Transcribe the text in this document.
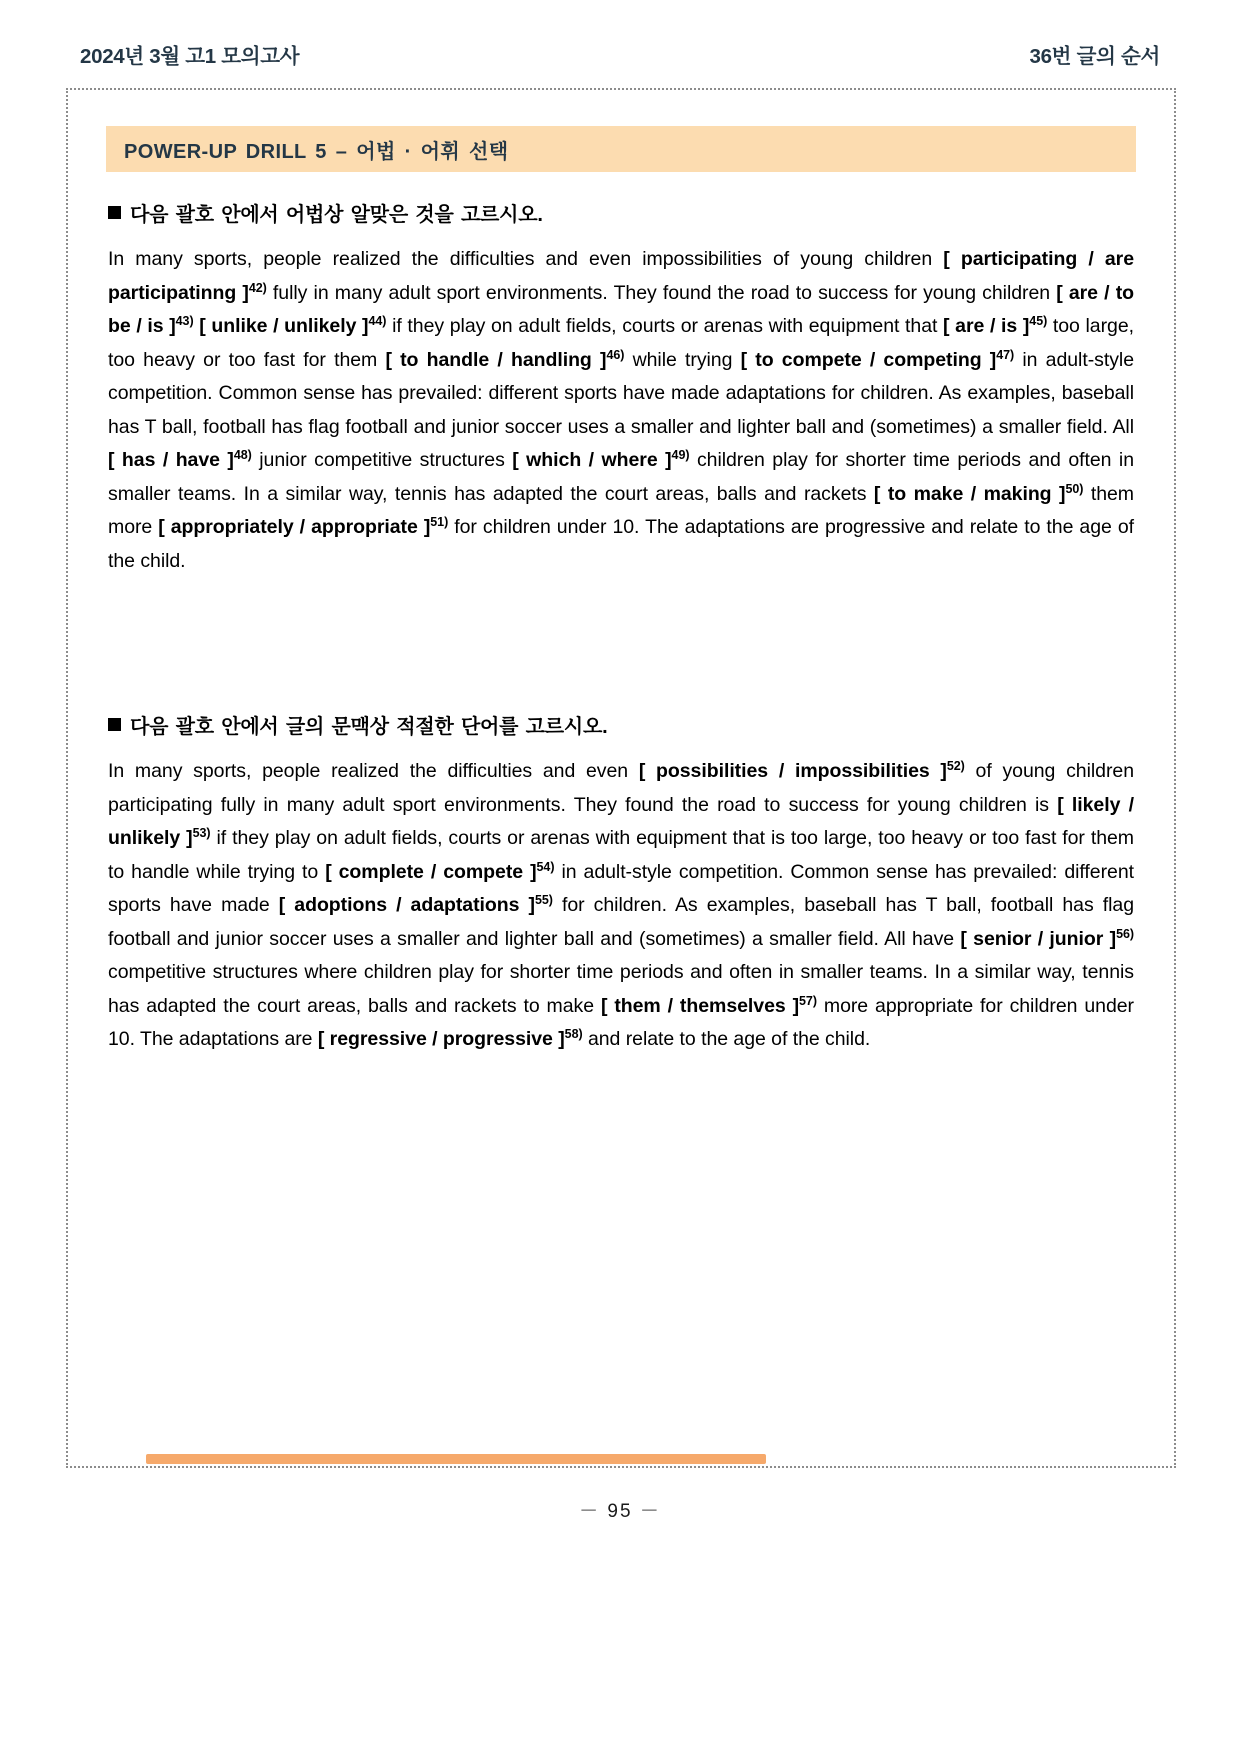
2024년 3월 고1 모의고사	36번 글의 순서
POWER-UP DRILL 5 – 어법 · 어휘 선택

다음 괄호 안에서 어법상 알맞은 것을 고르시오.

In many sports, people realized the difficulties and even impossibilities of young children [ participating / are participatinng ]$^{42)}$ fully in many adult sport environments. They found the road to success for young children [ are / to be / is ]$^{43)}$ [ unlike / unlikely ]$^{44)}$ if they play on adult fields, courts or arenas with equipment that [ are / is ]$^{45)}$ too large, too heavy or too fast for them [ to handle / handling ]$^{46)}$ while trying [ to compete / competing ]$^{47)}$ in adult-style competition. Common sense has prevailed: different sports have made adaptations for children. As examples, baseball has T ball, football has flag football and junior soccer uses a smaller and lighter ball and (sometimes) a smaller field. All [ has / have ]$^{48)}$ junior competitive structures [ which / where ]$^{49)}$ children play for shorter time periods and often in smaller teams. In a similar way, tennis has adapted the court areas, balls and rackets [ to make / making ]$^{50)}$ them more [ appropriately / appropriate ]$^{51)}$ for children under 10. The adaptations are progressive and relate to the age of the child.

다음 괄호 안에서 글의 문맥상 적절한 단어를 고르시오.

In many sports, people realized the difficulties and even [ possibilities / impossibilities ]$^{52)}$ of young children participating fully in many adult sport environments. They found the road to success for young children is [ likely / unlikely ]$^{53)}$ if they play on adult fields, courts or arenas with equipment that is too large, too heavy or too fast for them to handle while trying to [ complete / compete ]$^{54)}$ in adult-style competition. Common sense has prevailed: different sports have made [ adoptions / adaptations ]$^{55)}$ for children. As examples, baseball has T ball, football has flag football and junior soccer uses a smaller and lighter ball and (sometimes) a smaller field. All have [ senior / junior ]$^{56)}$ competitive structures where children play for shorter time periods and often in smaller teams. In a similar way, tennis has adapted the court areas, balls and rackets to make [ them / themselves ]$^{57)}$ more appropriate for children under 10. The adaptations are [ regressive / progressive ]$^{58)}$ and relate to the age of the child.

－ 95 －
